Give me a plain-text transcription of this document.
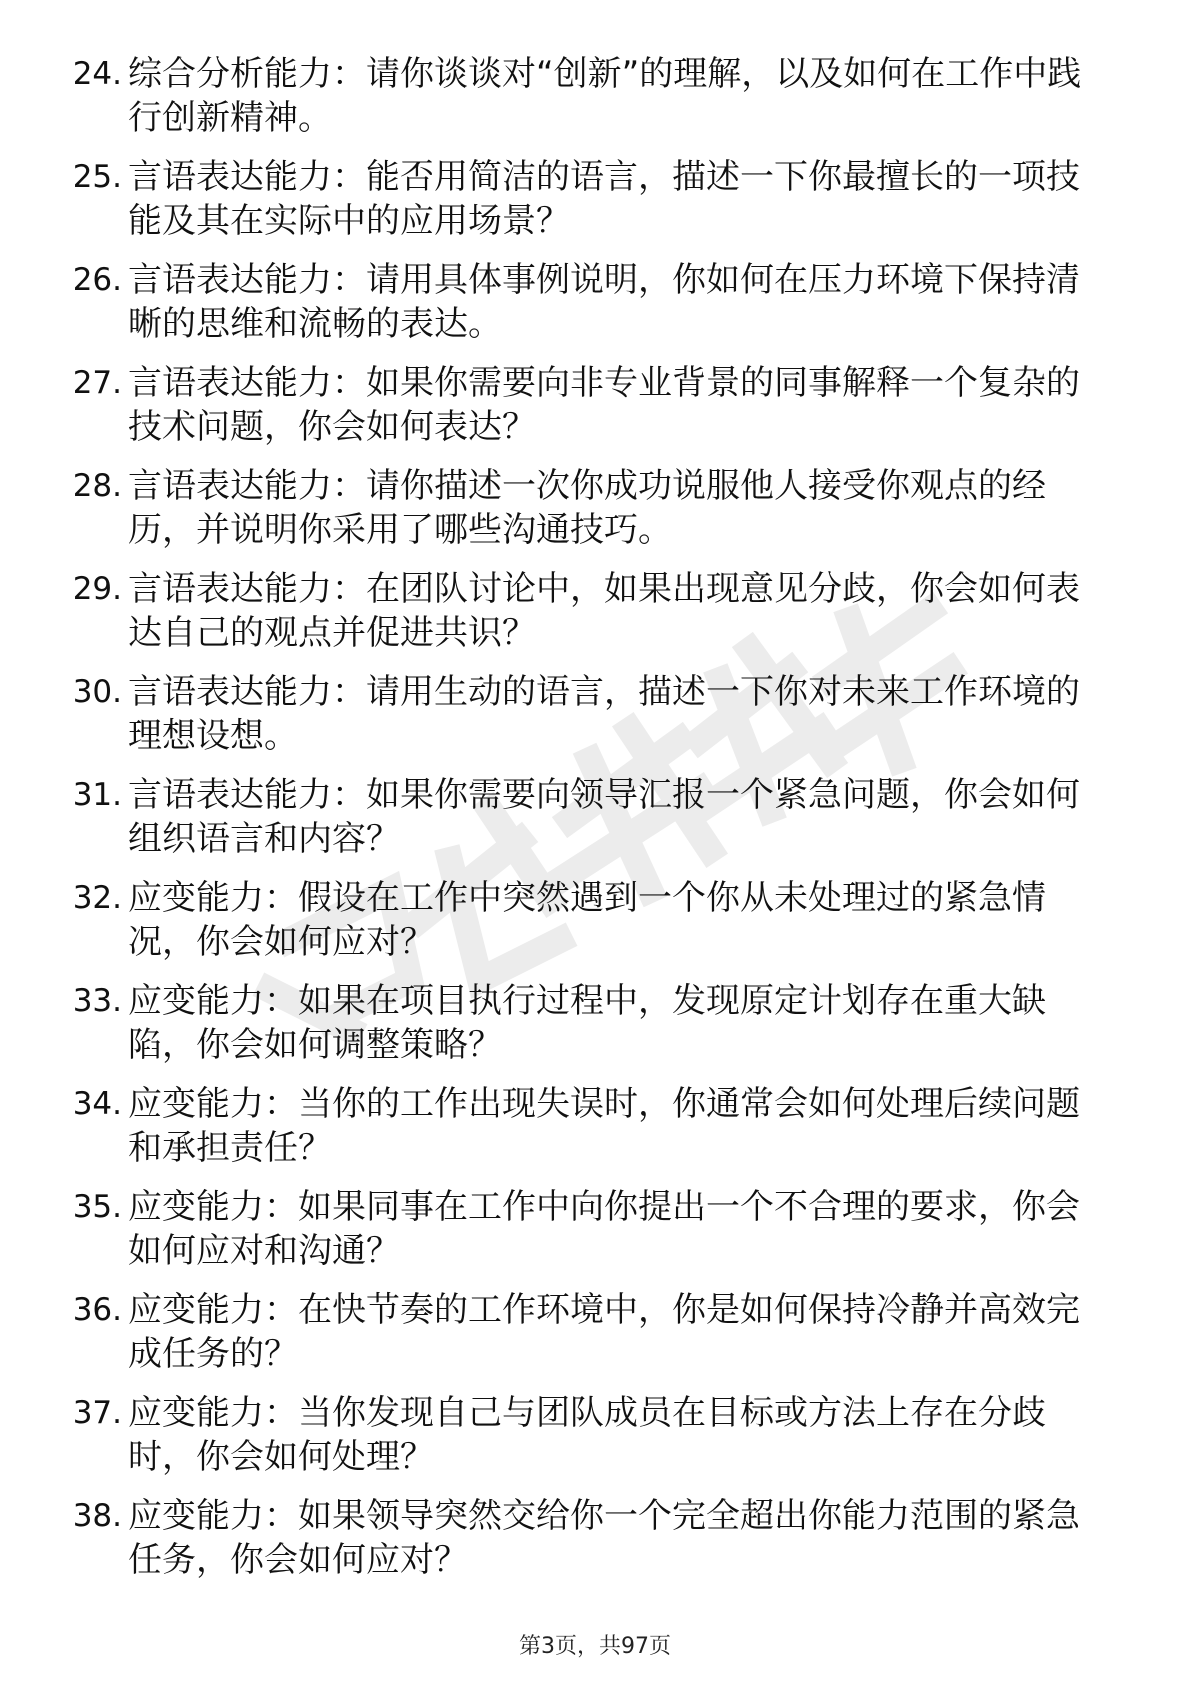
24. 综合分析能力：请你谈谈对“创新”的理解，以及如何在工作中践行创新精神。
25. 言语表达能力：能否用简洁的语言，描述一下你最擅长的一项技能及其在实际中的应用场景？
26. 言语表达能力：请用具体事例说明，你如何在压力环境下保持清晰的思维和流畅的表达。
27. 言语表达能力：如果你需要向非专业背景的同事解释一个复杂的技术问题，你会如何表达？
28. 言语表达能力：请你描述一次你成功说服他人接受你观点的经历，并说明你采用了哪些沟通技巧。
29. 言语表达能力：在团队讨论中，如果出现意见分歧，你会如何表达自己的观点并促进共识？
30. 言语表达能力：请用生动的语言，描述一下你对未来工作环境的理想设想。
31. 言语表达能力：如果你需要向领导汇报一个紧急问题，你会如何组织语言和内容？
32. 应变能力：假设在工作中突然遇到一个你从未处理过的紧急情况，你会如何应对？
33. 应变能力：如果在项目执行过程中，发现原定计划存在重大缺陷，你会如何调整策略？
34. 应变能力：当你的工作出现失误时，你通常会如何处理后续问题和承担责任？
35. 应变能力：如果同事在工作中向你提出一个不合理的要求，你会如何应对和沟通？
36. 应变能力：在快节奏的工作环境中，你是如何保持冷静并高效完成任务的？
37. 应变能力：当你发现自己与团队成员在目标或方法上存在分歧时，你会如何处理？
38. 应变能力：如果领导突然交给你一个完全超出你能力范围的紧急任务，你会如何应对？
第3页，共97页
